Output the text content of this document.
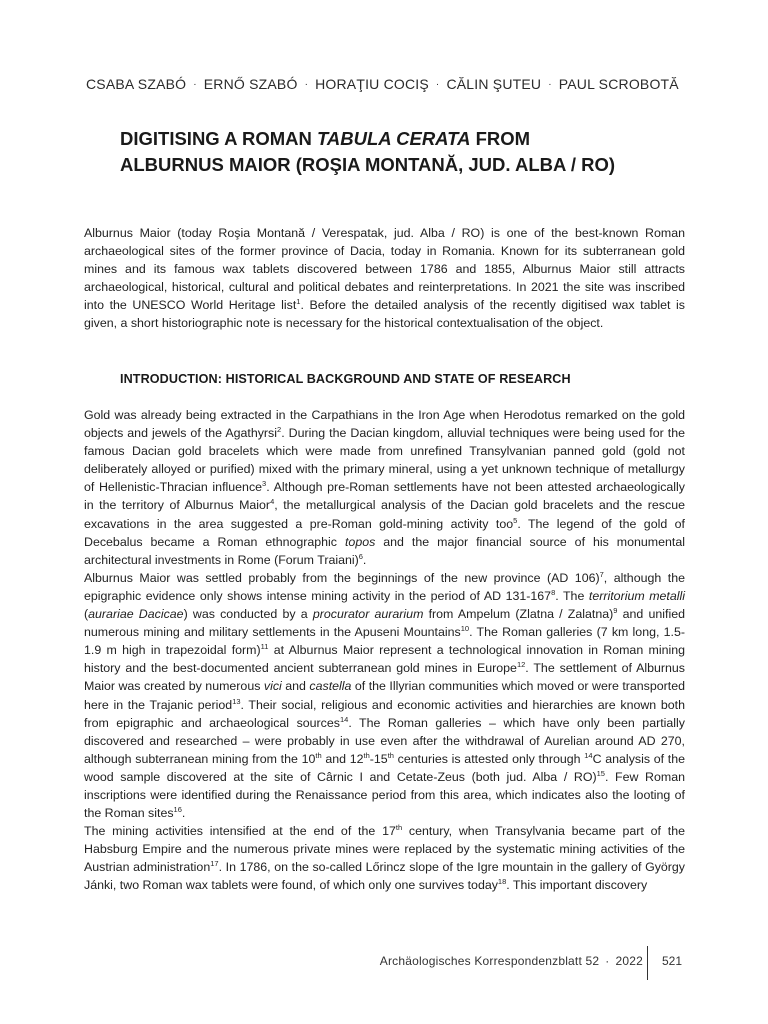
CSABA SZABÓ · ERNŐ SZABÓ · HORAŢIU COCIŞ · CĂLIN ŞUTEU · PAUL SCROBOTĂ
DIGITISING A ROMAN TABULA CERATA FROM
ALBURNUS MAIOR (ROŞIA MONTANĂ, JUD. ALBA / RO)

Alburnus Maior (today Roşia Montană / Verespatak, jud. Alba / RO) is one of the best-known Roman archaeological sites of the former province of Dacia, today in Romania. Known for its subterranean gold mines and its famous wax tablets discovered between 1786 and 1855, Alburnus Maior still attracts archaeological, historical, cultural and political debates and reinterpretations. In 2021 the site was inscribed into the UNESCO World Heritage list$^1$. Before the detailed analysis of the recently digitised wax tablet is given, a short historiographic note is necessary for the historical contextualisation of the object.

INTRODUCTION: HISTORICAL BACKGROUND AND STATE OF RESEARCH

Gold was already being extracted in the Carpathians in the Iron Age when Herodotus remarked on the gold objects and jewels of the Agathyrsi$^2$. During the Dacian kingdom, alluvial techniques were being used for the famous Dacian gold bracelets which were made from unrefined Transylvanian panned gold (gold not deliberately alloyed or purified) mixed with the primary mineral, using a yet unknown technique of metallurgy of Hellenistic-Thracian influence$^3$. Although pre-Roman settlements have not been attested archaeologically in the territory of Alburnus Maior$^4$, the metallurgical analysis of the Dacian gold bracelets and the rescue excavations in the area suggested a pre-Roman gold-mining activity too$^5$. The legend of the gold of Decebalus became a Roman ethnographic topos and the major financial source of his monumental architectural investments in Rome (Forum Traiani)$^6$.

Alburnus Maior was settled probably from the beginnings of the new province (AD 106)$^7$, although the epigraphic evidence only shows intense mining activity in the period of AD $131-167^8$. The territorium metalli (aurariae Dacicae) was conducted by a procurator aurarium from Ampelum (Zlatna / Zalatna)$^9$ and unified numerous mining and military settlements in the Apuseni Mountains$^{10}$. The Roman galleries (7 km long, 1.5-1.9 m high in trapezoidal form)$^{11}$ at Alburnus Maior represent a technological innovation in Roman mining history and the best-documented ancient subterranean gold mines in Europe$^{12}$. The settlement of Alburnus Maior was created by numerous vici and castella of the Illyrian communities which moved or were transported here in the Trajanic period$^{13}$. Their social, religious and economic activities and hierarchies are known both from epigraphic and archaeological sources$^{14}$. The Roman galleries – which have only been partially discovered and researched – were probably in use even after the withdrawal of Aurelian around AD 270, although subterranean mining from the 10th and 12th-15th centuries is attested only through $^{14}$C analysis of the wood sample discovered at the site of Cârnic I and Cetate-Zeus (both jud. Alba / RO)$^{15}$. Few Roman inscriptions were identified during the Renaissance period from this area, which indicates also the looting of the Roman sites$^{16}$.

The mining activities intensified at the end of the 17th century, when Transylvania became part of the Habsburg Empire and the numerous private mines were replaced by the systematic mining activities of the Austrian administration$^{17}$. In 1786, on the so-called Lőrincz slope of the Igre mountain in the gallery of György Jánki, two Roman wax tablets were found, of which only one survives today$^{18}$. This important discovery

Archäologisches Korrespondenzblatt 52 · 2022 521
